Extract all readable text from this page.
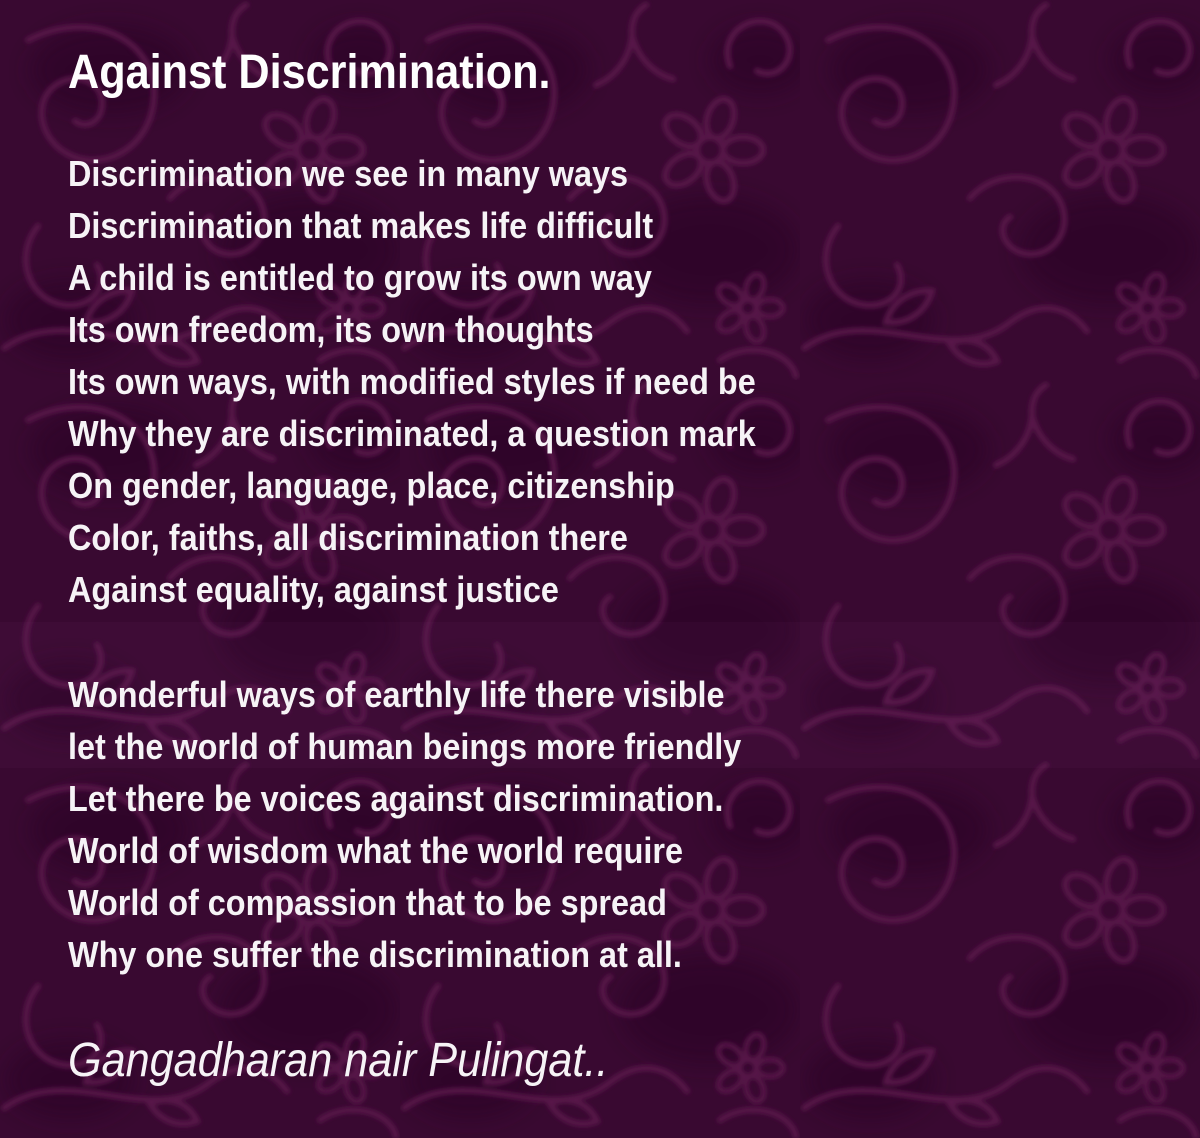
Against Discrimination.

Discrimination we see in many ways

Discrimination that makes life difficult

A child is entitled to grow its own way

Its own freedom, its own thoughts

Its own ways, with modified styles if need be

Why they are discriminated, a question mark

On gender, language, place, citizenship

Color, faiths, all discrimination there

Against equality, against justice

Wonderful ways of earthly life there visible

let the world of human beings more friendly

Let there be voices against discrimination.

World of wisdom what the world require

World of compassion that to be spread

Why one suffer the discrimination at all.

Gangadharan nair Pulingat..
